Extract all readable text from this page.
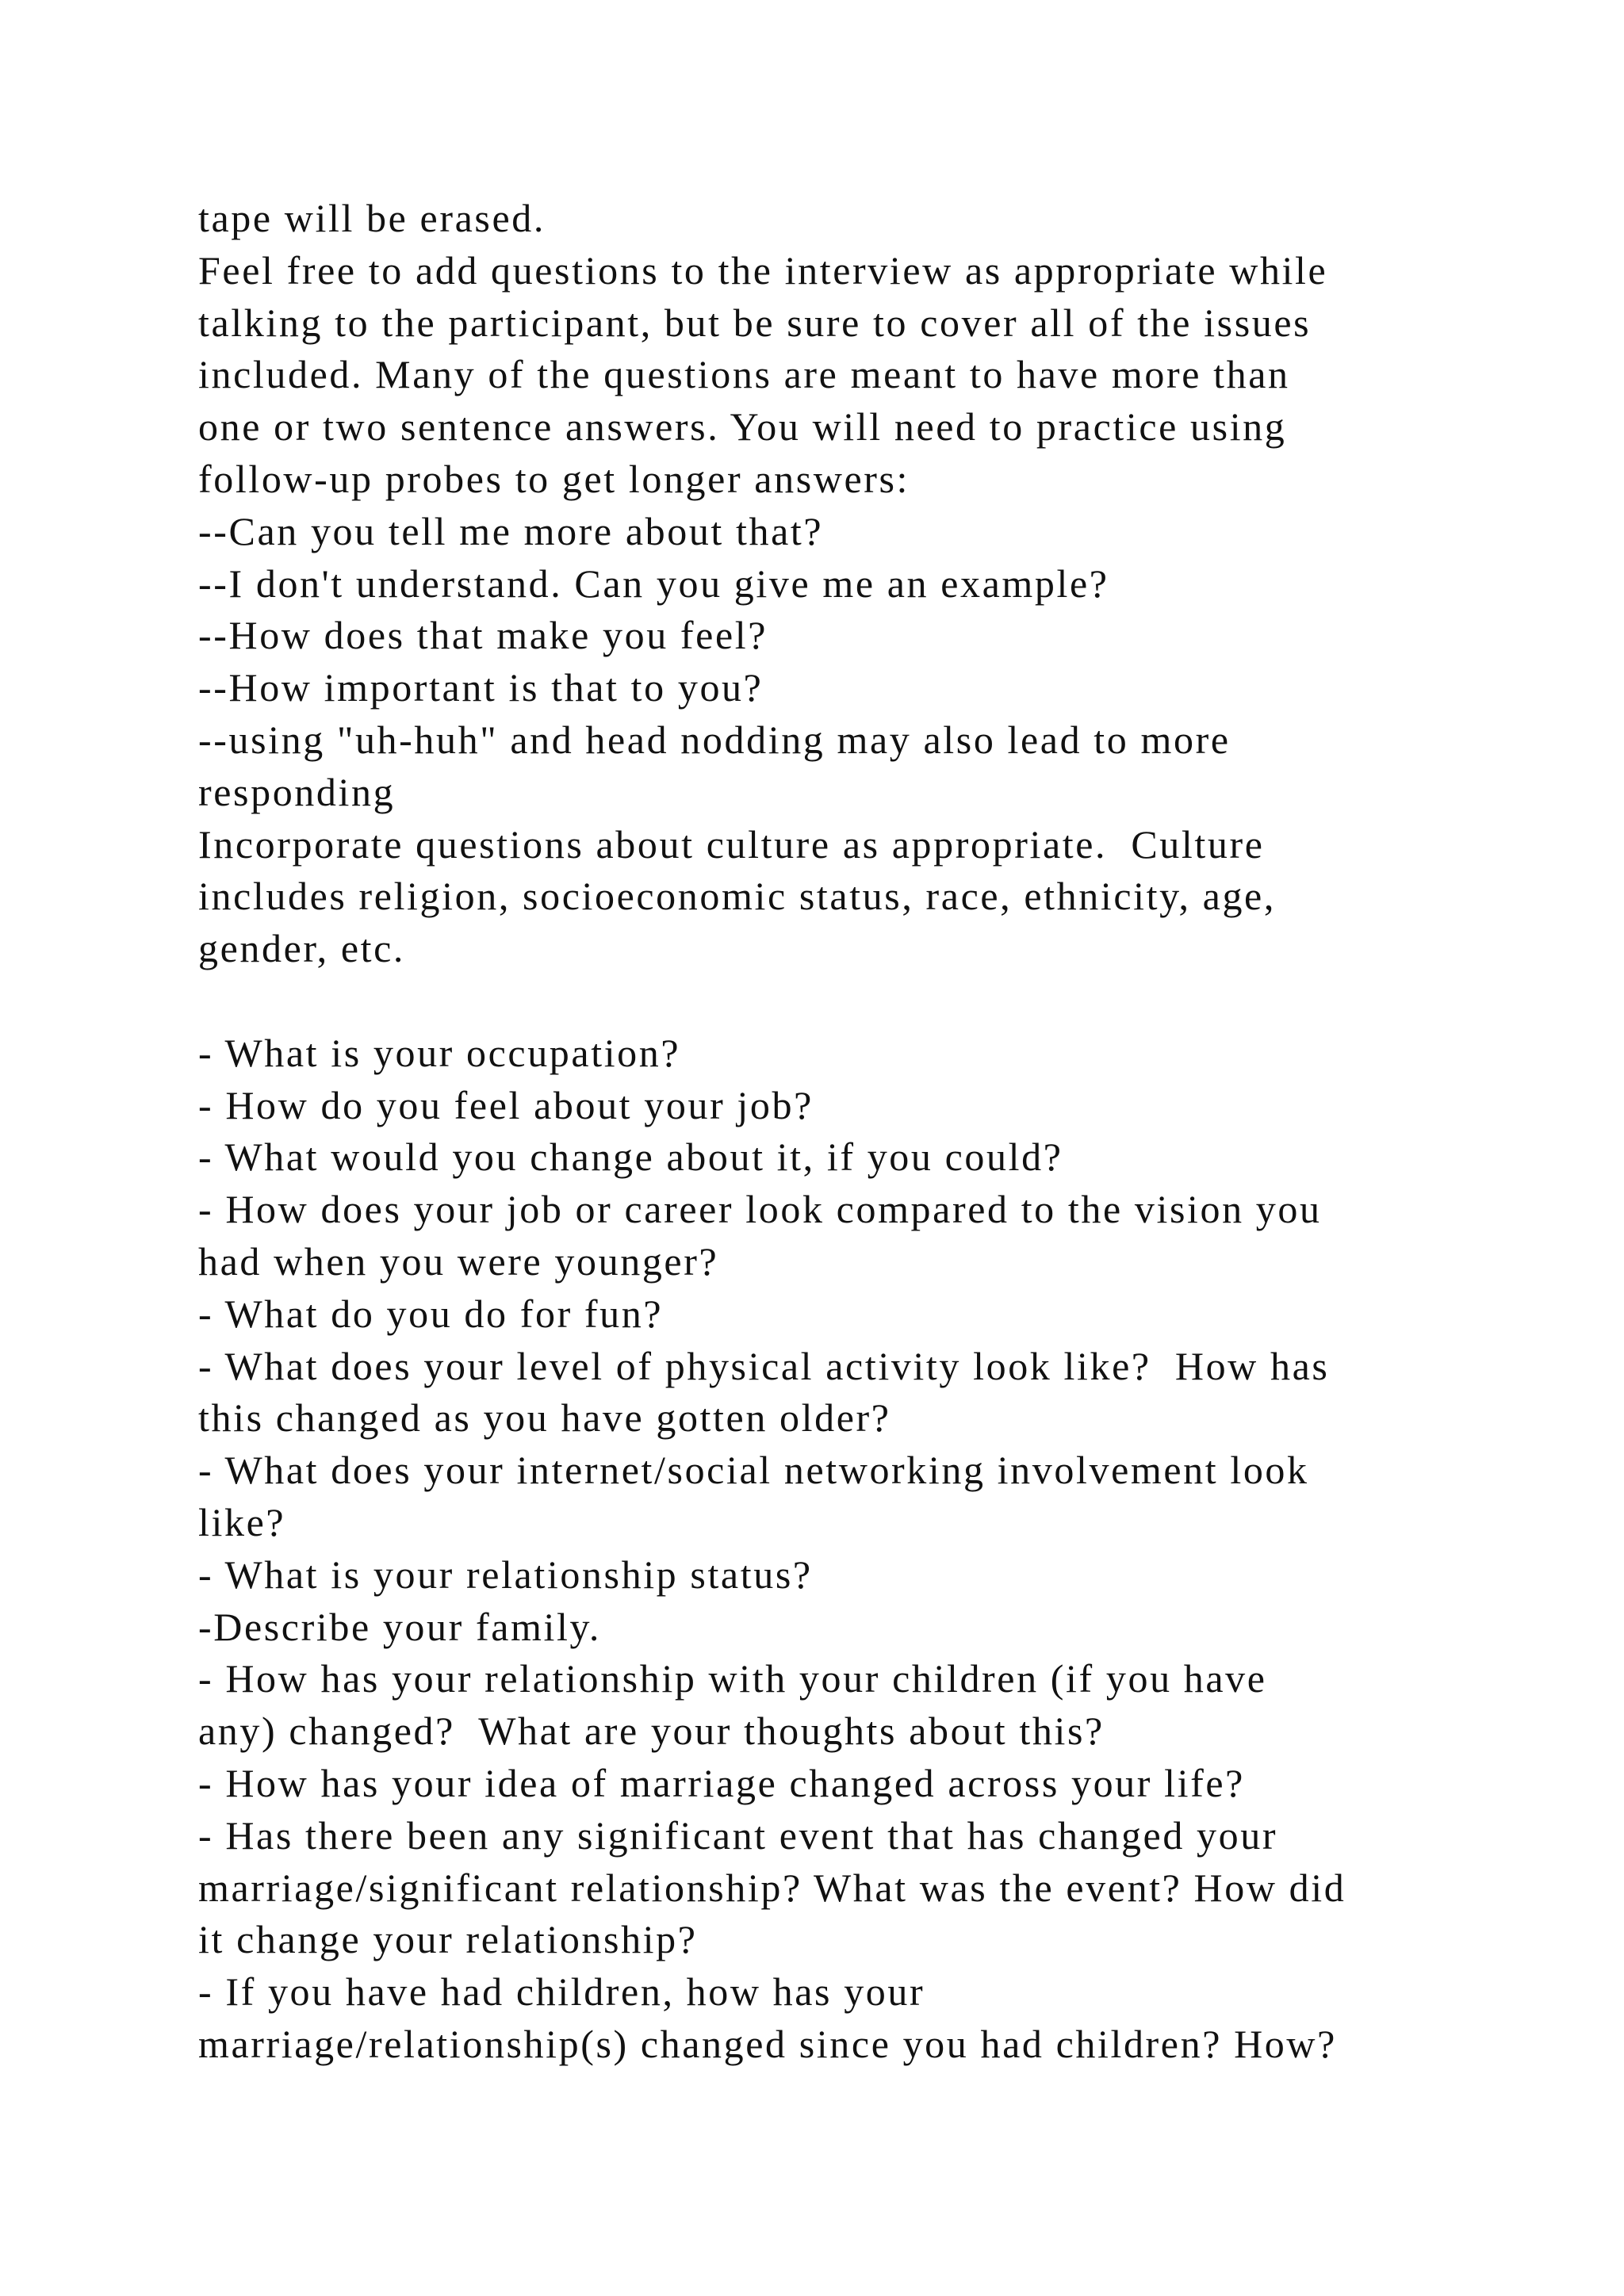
tape will be erased.
Feel free to add questions to the interview as appropriate while
talking to the participant, but be sure to cover all of the issues
included. Many of the questions are meant to have more than
one or two sentence answers. You will need to practice using
follow-up probes to get longer answers:
--Can you tell me more about that?
--I don't understand. Can you give me an example?
--How does that make you feel?
--How important is that to you?
--using "uh-huh" and head nodding may also lead to more
responding
Incorporate questions about culture as appropriate.  Culture
includes religion, socioeconomic status, race, ethnicity, age,
gender, etc.
- What is your occupation?
- How do you feel about your job?
- What would you change about it, if you could?
- How does your job or career look compared to the vision you
had when you were younger?
- What do you do for fun?
- What does your level of physical activity look like?  How has
this changed as you have gotten older?
- What does your internet/social networking involvement look
like?
- What is your relationship status?
-Describe your family.
- How has your relationship with your children (if you have
any) changed?  What are your thoughts about this?
- How has your idea of marriage changed across your life?
- Has there been any significant event that has changed your
marriage/significant relationship? What was the event? How did
it change your relationship?
- If you have had children, how has your
marriage/relationship(s) changed since you had children? How?
